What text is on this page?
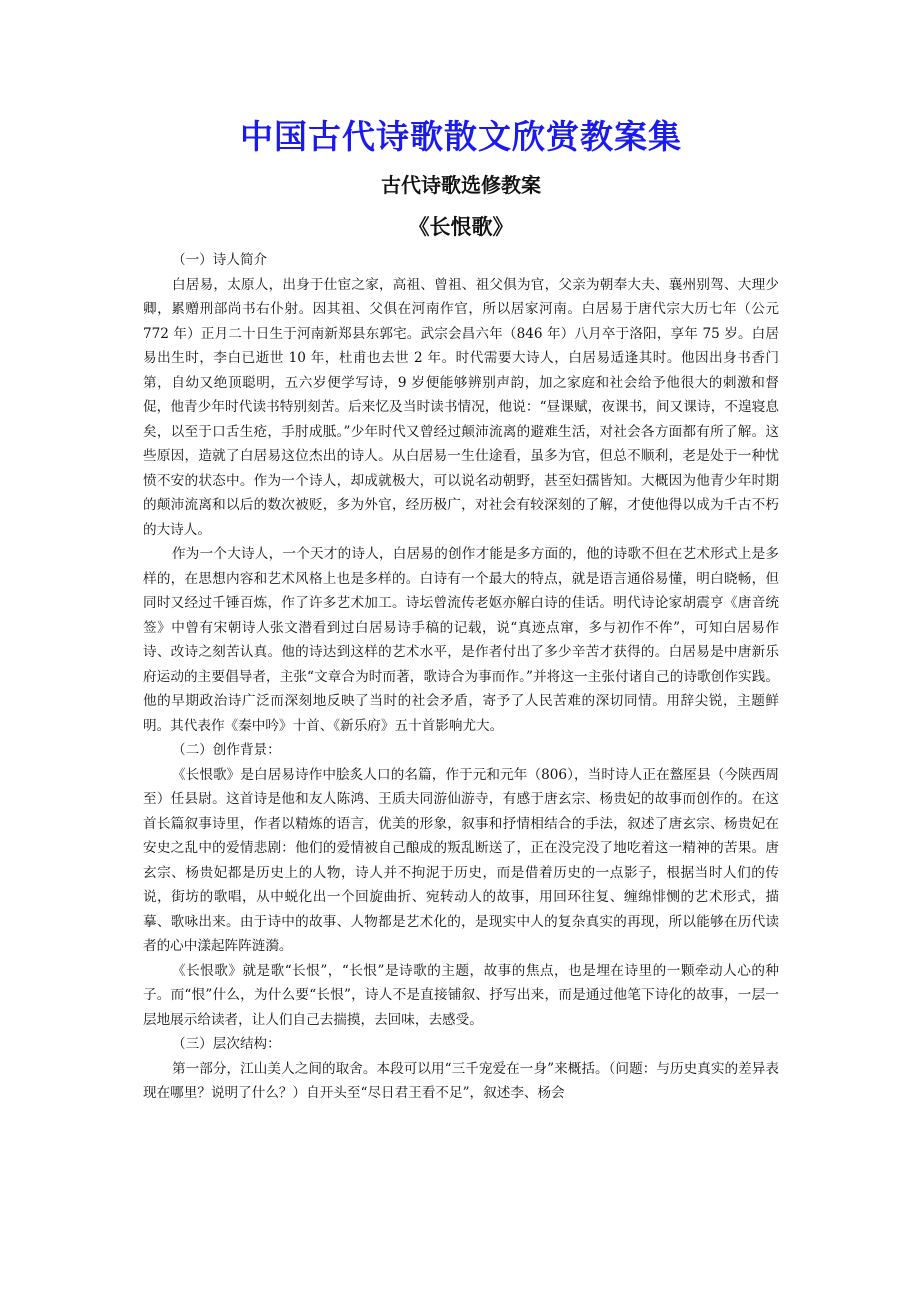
中国古代诗歌散文欣赏教案集
古代诗歌选修教案
《长恨歌》

（一）诗人简介

白居易，太原人，出身于仕宦之家，高祖、曾祖、祖父俱为官，父亲为朝奉大夫、襄州别驾、大理少卿，累赠刑部尚书右仆射。因其祖、父俱在河南作官，所以居家河南。白居易于唐代宗大历七年（公元 772 年）正月二十日生于河南新郑县东郭宅。武宗会昌六年（846 年）八月卒于洛阳，享年 75 岁。白居易出生时，李白已逝世 10 年，杜甫也去世 2 年。时代需要大诗人，白居易适逢其时。他因出身书香门第，自幼又绝顶聪明，五六岁便学写诗，9 岁便能够辨别声韵，加之家庭和社会给予他很大的刺激和督促，他青少年时代读书特别刻苦。后来忆及当时读书情况，他说：“昼课赋，夜课书，间又课诗，不遑寝息矣，以至于口舌生疮，手肘成胝。”少年时代又曾经过颠沛流离的避难生活，对社会各方面都有所了解。这些原因，造就了白居易这位杰出的诗人。从白居易一生仕途看，虽多为官，但总不顺利，老是处于一种忧愤不安的状态中。作为一个诗人，却成就极大，可以说名动朝野，甚至妇孺皆知。大概因为他青少年时期的颠沛流离和以后的数次被贬，多为外官，经历极广，对社会有较深刻的了解，才使他得以成为千古不朽的大诗人。

作为一个大诗人，一个天才的诗人，白居易的创作才能是多方面的，他的诗歌不但在艺术形式上是多样的，在思想内容和艺术风格上也是多样的。白诗有一个最大的特点，就是语言通俗易懂，明白晓畅，但同时又经过千锤百炼，作了许多艺术加工。诗坛曾流传老妪亦解白诗的佳话。明代诗论家胡震亨《唐音统签》中曾有宋朝诗人张文潜看到过白居易诗手稿的记载，说“真迹点窜，多与初作不侔”，可知白居易作诗、改诗之刻苦认真。他的诗达到这样的艺术水平，是作者付出了多少辛苦才获得的。白居易是中唐新乐府运动的主要倡导者，主张“文章合为时而著，歌诗合为事而作。”并将这一主张付诸自己的诗歌创作实践。他的早期政治诗广泛而深刻地反映了当时的社会矛盾，寄予了人民苦难的深切同情。用辞尖锐，主题鲜明。其代表作《秦中吟》十首、《新乐府》五十首影响尤大。

（二）创作背景：

《长恨歌》是白居易诗作中脍炙人口的名篇，作于元和元年（806），当时诗人正在盩厔县（今陕西周至）任县尉。这首诗是他和友人陈鸿、王质夫同游仙游寺，有感于唐玄宗、杨贵妃的故事而创作的。在这首长篇叙事诗里，作者以精炼的语言，优美的形象，叙事和抒情相结合的手法，叙述了唐玄宗、杨贵妃在安史之乱中的爱情悲剧：他们的爱情被自己酿成的叛乱断送了，正在没完没了地吃着这一精神的苦果。唐玄宗、杨贵妃都是历史上的人物，诗人并不拘泥于历史，而是借着历史的一点影子，根据当时人们的传说，街坊的歌唱，从中蜕化出一个回旋曲折、宛转动人的故事，用回环往复、缠绵悱恻的艺术形式，描摹、歌咏出来。由于诗中的故事、人物都是艺术化的，是现实中人的复杂真实的再现，所以能够在历代读者的心中漾起阵阵涟漪。

《长恨歌》就是歌“长恨”，“长恨”是诗歌的主题，故事的焦点，也是埋在诗里的一颗牵动人心的种子。而“恨”什么，为什么要“长恨”，诗人不是直接铺叙、抒写出来，而是通过他笔下诗化的故事，一层一层地展示给读者，让人们自己去揣摸，去回味，去感受。

（三）层次结构：

第一部分，江山美人之间的取舍。本段可以用“三千宠爱在一身”来概括。（问题：与历史真实的差异表现在哪里？说明了什么？）自开头至“尽日君王看不足”，叙述李、杨会
